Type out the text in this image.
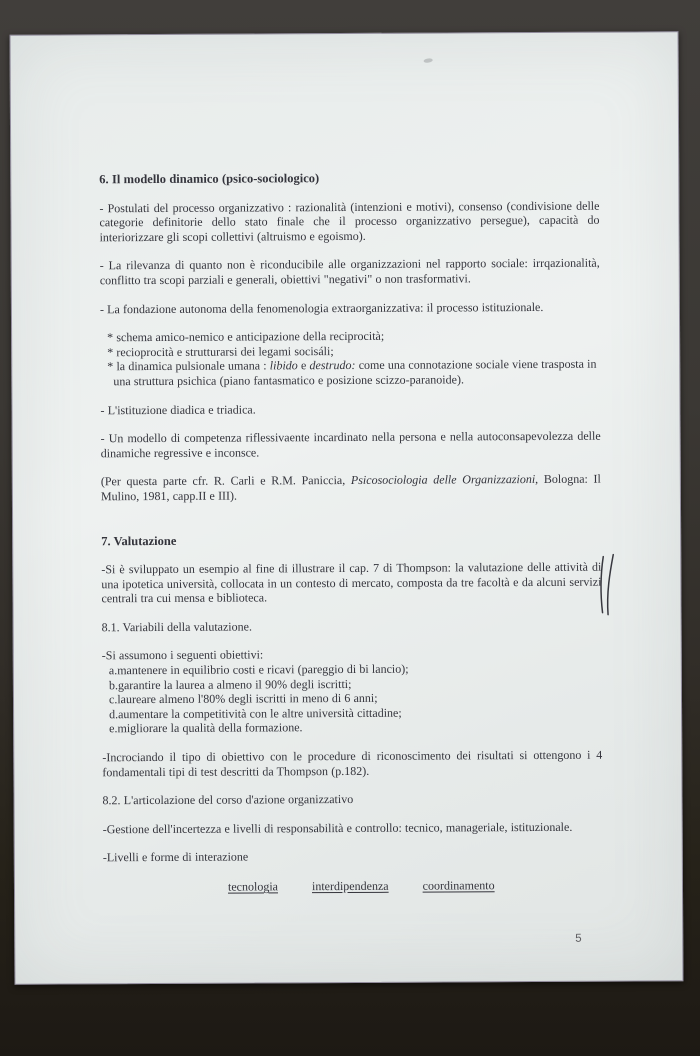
6. Il modello dinamico (psico-sociologico)
- Postulati del processo organizzativo : razionalità (intenzioni e motivi), consenso (condivisione delle categorie definitorie dello stato finale che il processo organizzativo persegue), capacità do interiorizzare gli scopi collettivi (altruismo e egoismo).
- La rilevanza di quanto non è riconducibile alle organizzazioni nel rapporto sociale: irrqazionalità, conflitto tra scopi parziali e generali, obiettivi "negativi" o non trasformativi.
- La fondazione autonoma della fenomenologia extraorganizzativa: il processo istituzionale.
* schema amico-nemico e anticipazione della reciprocità;
* recioprocità e strutturarsi dei legami socisáli;
* la dinamica pulsionale umana : libido e destrudo: come una connotazione sociale viene trasposta in una struttura psichica (piano fantasmatico e posizione scizzo-paranoide).
- L'istituzione diadica e triadica.
- Un modello di competenza riflessivaente incardinato nella persona e nella autoconsapevolezza delle dinamiche regressive e inconsce.
(Per questa parte cfr. R. Carli e R.M. Paniccia, Psicosociologia delle Organizzazioni, Bologna: Il Mulino, 1981, capp.II e III).
7. Valutazione
-Si è sviluppato un esempio al fine di illustrare il cap. 7 di Thompson: la valutazione delle attività di una ipotetica università, collocata in un contesto di mercato, composta da tre facoltà e da alcuni servizi centrali tra cui mensa e biblioteca.
8.1. Variabili della valutazione.
-Si assumono i seguenti obiettivi:
a.mantenere in equilibrio costi e ricavi (pareggio di bi lancio);
b.garantire la laurea a almeno il 90% degli iscritti;
c.laureare almeno l'80% degli iscritti in meno di 6 anni;
d.aumentare la competitività con le altre università cittadine;
e.migliorare la qualità della formazione.
-Incrociando il tipo di obiettivo con le procedure di riconoscimento dei risultati si ottengono i 4 fondamentali tipi di test descritti da Thompson (p.182).
8.2. L'articolazione del corso d'azione organizzativo
-Gestione dell'incertezza e livelli di responsabilità e controllo: tecnico, manageriale, istituzionale.
-Livelli e forme di interazione
tecnologia	interdipendenza	coordinamento
5
